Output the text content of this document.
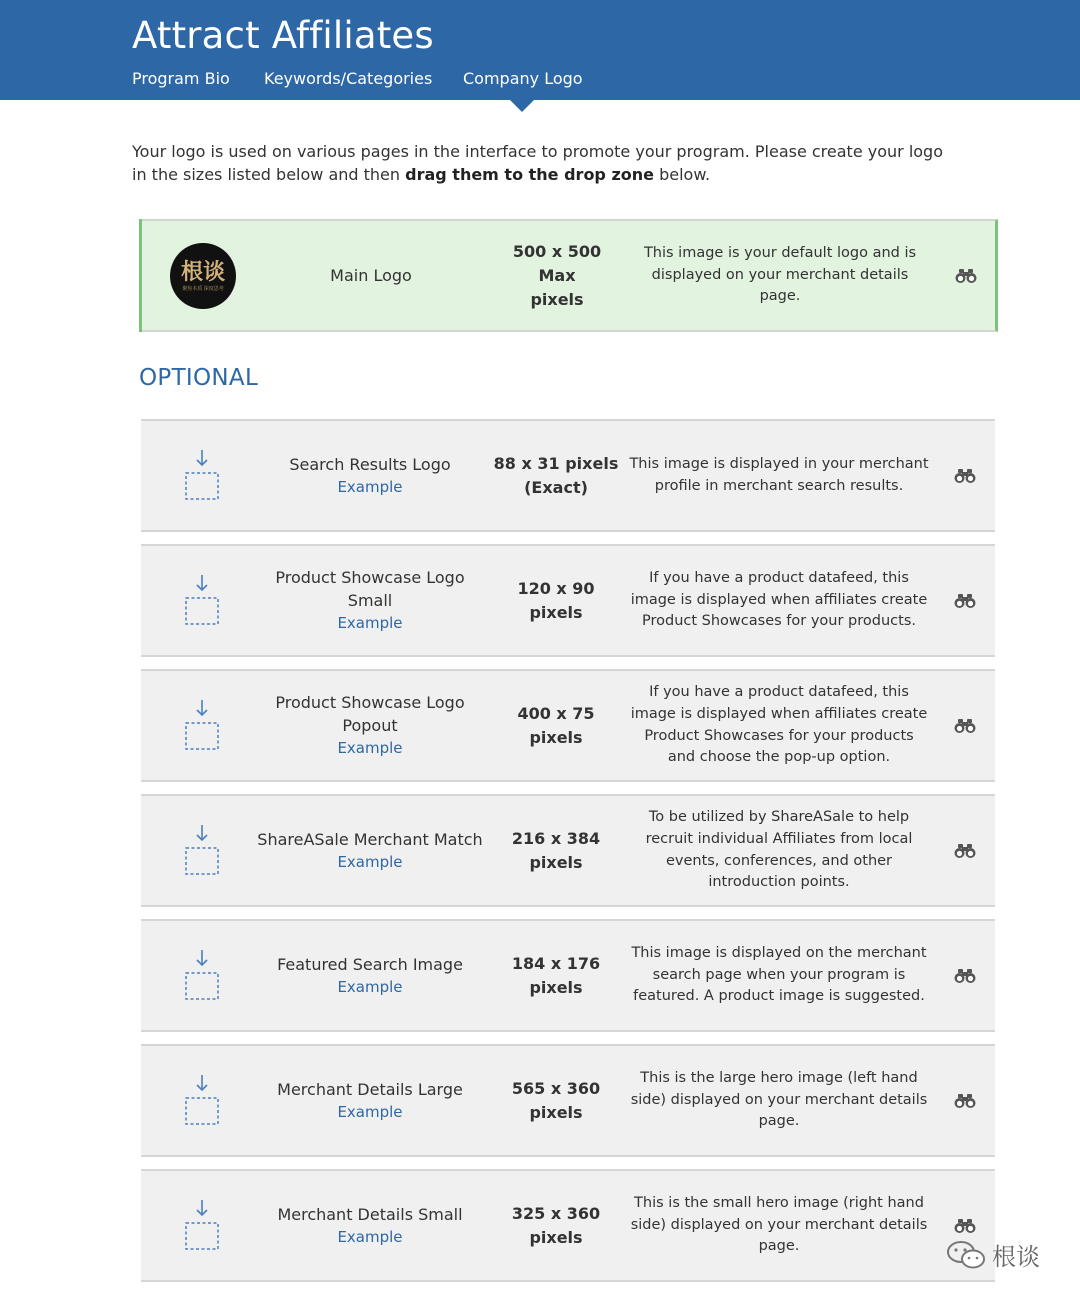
Attract Affiliates
Program Bio Keywords/Categories Company Logo
Your logo is used on various pages in the interface to promote your program. Please create your logo in the sizes listed below and then drag them to the drop zone below.
根谈
聚焦本质 深度思考
Main Logo
500 x 500 Max
pixels
This image is your default logo and is displayed on your merchant details page.
OPTIONAL
Search Results Logo
Example
88 x 31 pixels
(Exact)
This image is displayed in your merchant profile in merchant search results.
Product Showcase Logo
Small
Example
120 x 90 pixels
If you have a product datafeed, this image is displayed when affiliates create Product Showcases for your products.
Product Showcase Logo
Popout
Example
400 x 75 pixels
If you have a product datafeed, this image is displayed when affiliates create Product Showcases for your products and choose the pop-up option.
ShareASale Merchant Match
Example
216 x 384
pixels
To be utilized by ShareASale to help recruit individual Affiliates from local events, conferences, and other introduction points.
Featured Search Image
Example
184 x 176
pixels
This image is displayed on the merchant search page when your program is featured. A product image is suggested.
Merchant Details Large
Example
565 x 360
pixels
This is the large hero image (left hand side) displayed on your merchant details page.
Merchant Details Small
Example
325 x 360
pixels
This is the small hero image (right hand side) displayed on your merchant details page.	根谈
